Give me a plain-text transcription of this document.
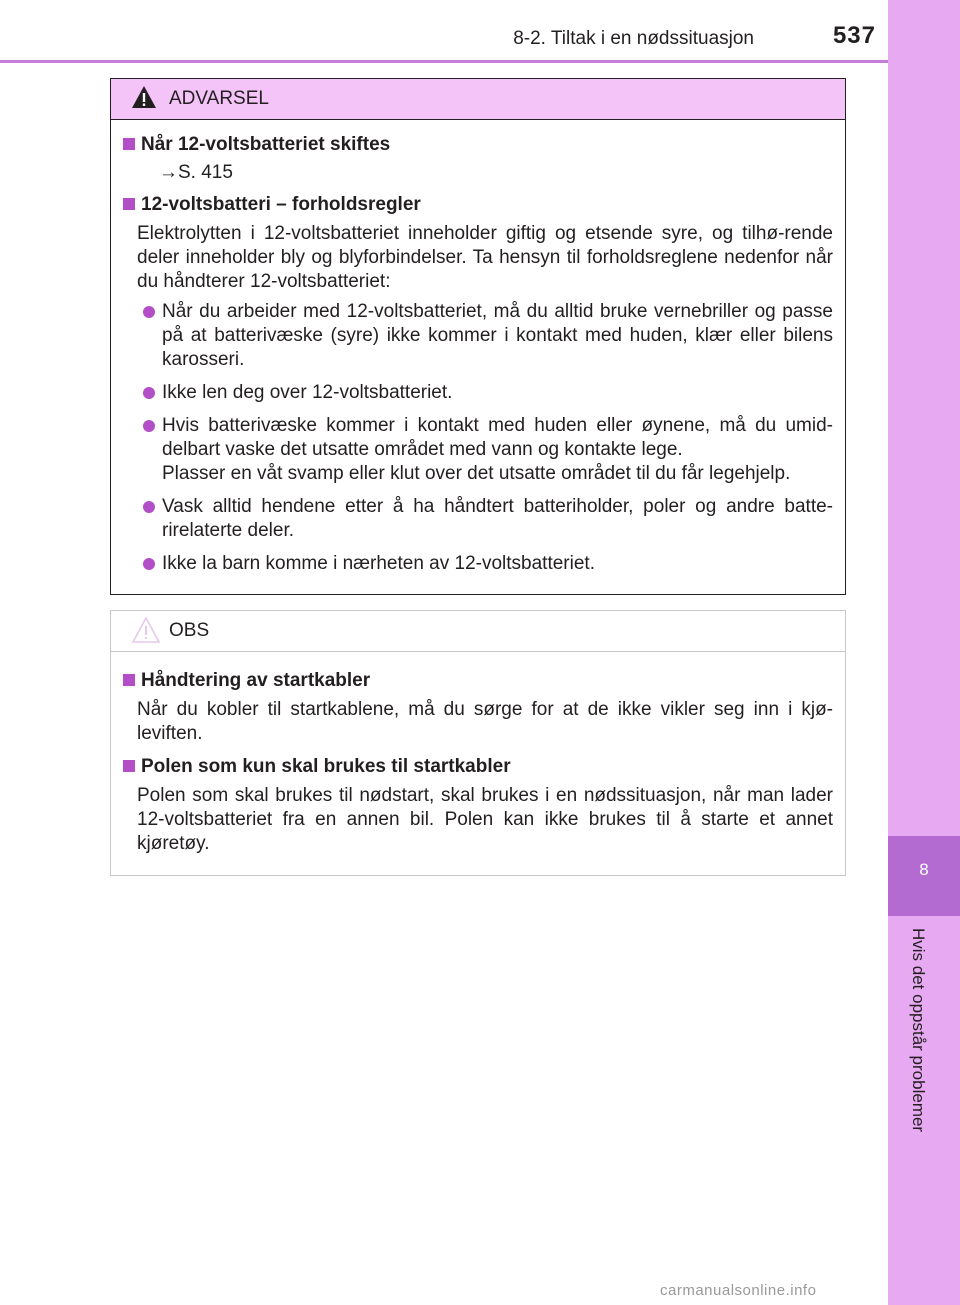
8-2. Tiltak i en nødssituasjon	537
8
Hvis det oppstår problemer
ADVARSEL
Når 12-voltsbatteriet skiftes
→S. 415
12-voltsbatteri – forholdsregler

Elektrolytten i 12-voltsbatteriet inneholder giftig og etsende syre, og tilhø-rende deler inneholder bly og blyforbindelser. Ta hensyn til forholdsreglene nedenfor når du håndterer 12-voltsbatteriet:

Når du arbeider med 12-voltsbatteriet, må du alltid bruke vernebriller og passe på at batterivæske (syre) ikke kommer i kontakt med huden, klær eller bilens karosseri.
Ikke len deg over 12-voltsbatteriet.
Hvis batterivæske kommer i kontakt med huden eller øynene, må du umid-delbart vaske det utsatte området med vann og kontakte lege.
Plasser en våt svamp eller klut over det utsatte området til du får legehjelp.
Vask alltid hendene etter å ha håndtert batteriholder, poler og andre batte-rirelaterte deler.
Ikke la barn komme i nærheten av 12-voltsbatteriet.
OBS
Håndtering av startkabler

Når du kobler til startkablene, må du sørge for at de ikke vikler seg inn i kjø-leviften.

Polen som kun skal brukes til startkabler

Polen som skal brukes til nødstart, skal brukes i en nødssituasjon, når man lader 12-voltsbatteriet fra en annen bil. Polen kan ikke brukes til å starte et annet kjøretøy.

carmanualsonline.info
